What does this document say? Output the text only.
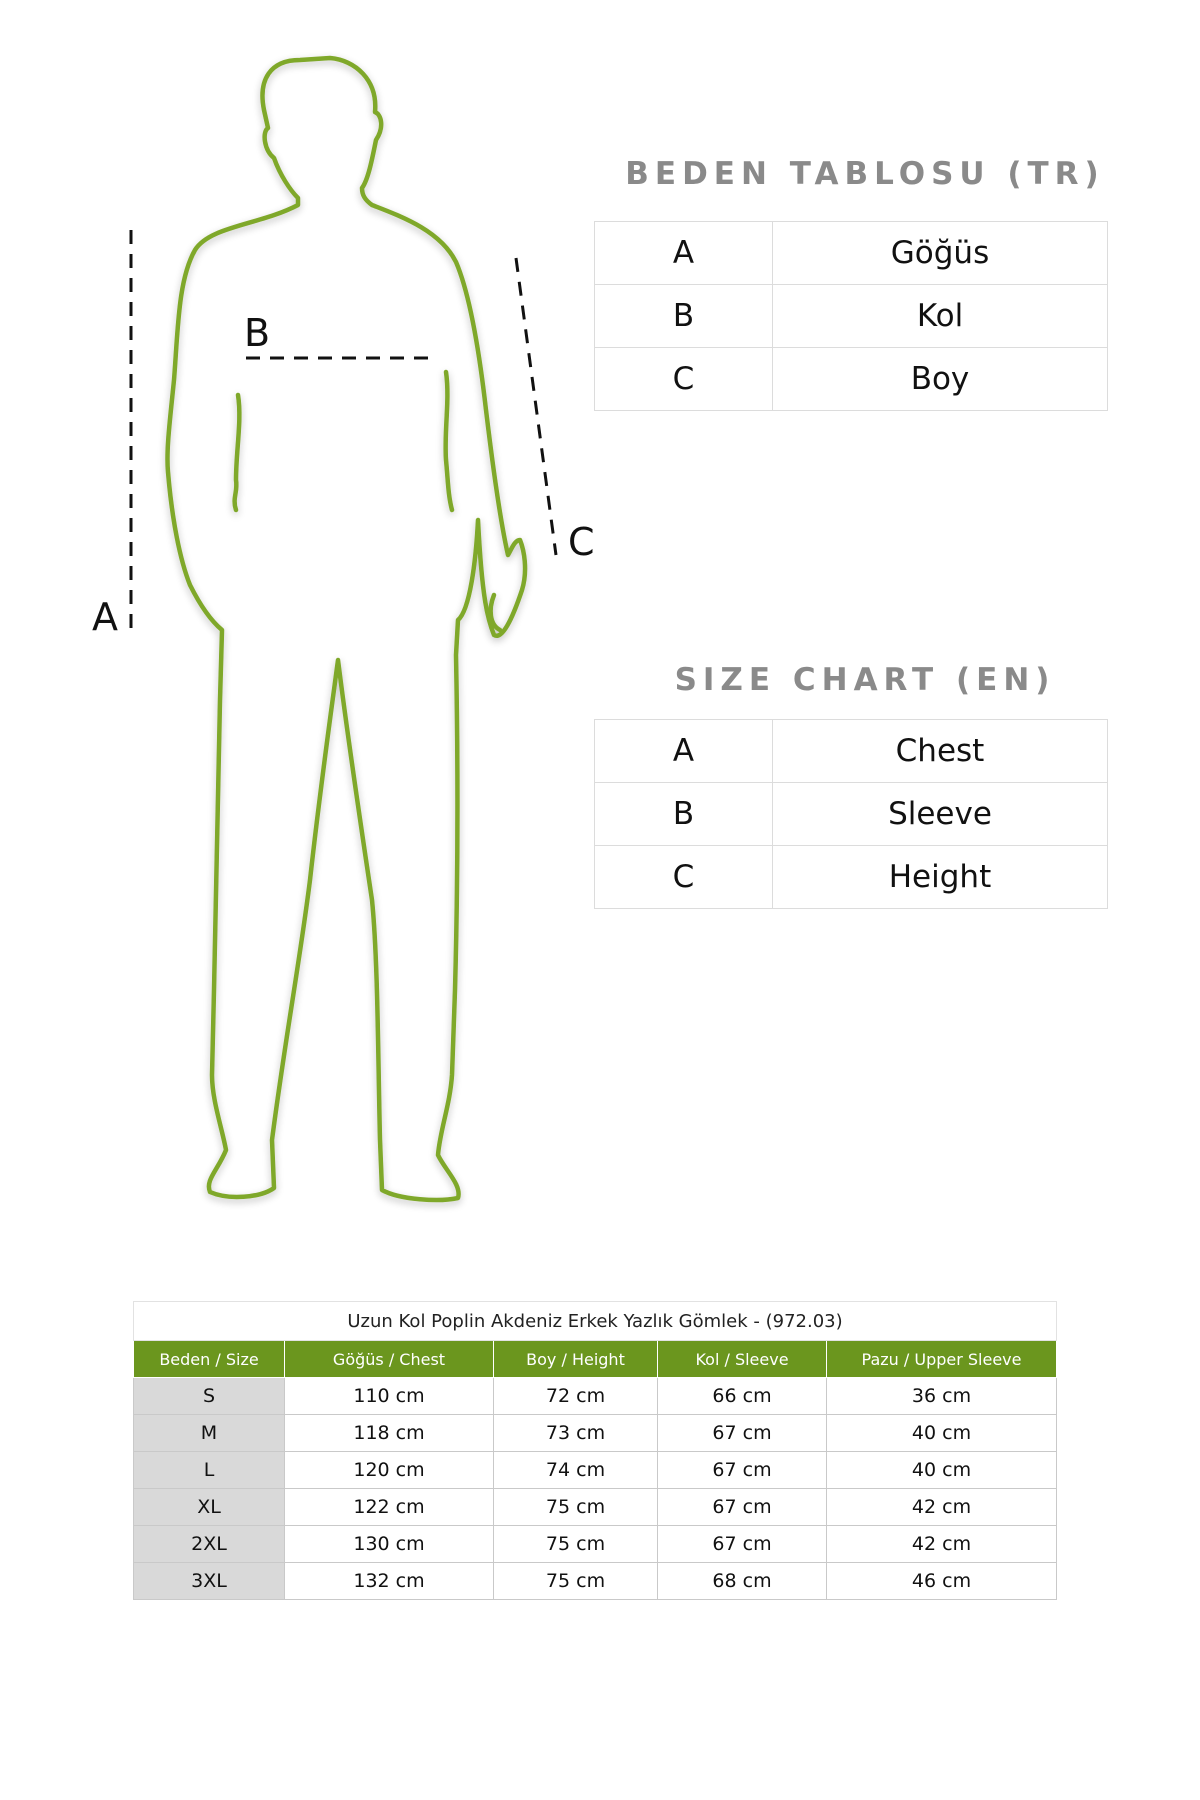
A
B
C
BEDEN TABLOSU (TR)
A	Göğüs
B	Kol
C	Boy
SIZE CHART (EN)
A	Chest
B	Sleeve
C	Height
Uzun Kol Poplin Akdeniz Erkek Yazlık Gömlek - (972.03)				
Beden / Size	Göğüs / Chest	Boy / Height	Kol / Sleeve	Pazu / Upper Sleeve
S	110 cm	72 cm	66 cm	36 cm
M	118 cm	73 cm	67 cm	40 cm
L	120 cm	74 cm	67 cm	40 cm
XL	122 cm	75 cm	67 cm	42 cm
2XL	130 cm	75 cm	67 cm	42 cm
3XL	132 cm	75 cm	68 cm	46 cm
